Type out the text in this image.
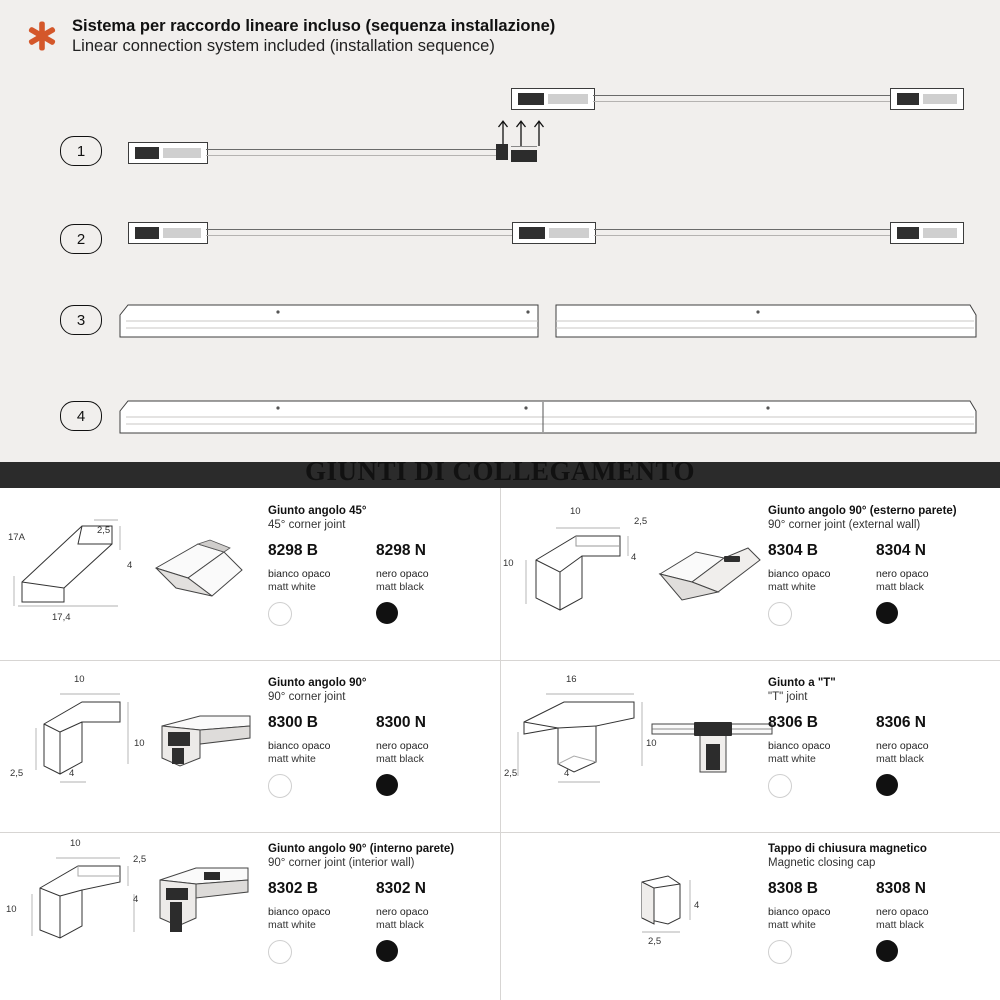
Sistema per raccordo lineare incluso (sequenza installazione)
Linear connection system included (installation sequence)
1
2
3
4
GIUNTI DI COLLEGAMENTO
17A
2,5
4
17,4
Giunto angolo 45°
45° corner joint
8298 B	8298 N
bianco opaco
matt white
nero opaco
matt black
10
2,5
10
4
Giunto angolo 90° (esterno parete)
90° corner joint (external wall)
8304 B	8304 N
bianco opaco
matt white
nero opaco
matt black
10
10
2,5	4
Giunto angolo 90°
90° corner joint
8300 B	8300 N
bianco opaco
matt white
nero opaco
matt black
16
10
2,5	4
Giunto a "T"
"T" joint
8306 B	8306 N
bianco opaco
matt white
nero opaco
matt black
10
2,5
10
4
Giunto angolo 90° (interno parete)
90° corner joint (interior wall)
8302 B	8302 N
bianco opaco
matt white
nero opaco
matt black
4
2,5
Tappo di chiusura magnetico
Magnetic closing cap
8308 B	8308 N
bianco opaco
matt white
nero opaco
matt black
